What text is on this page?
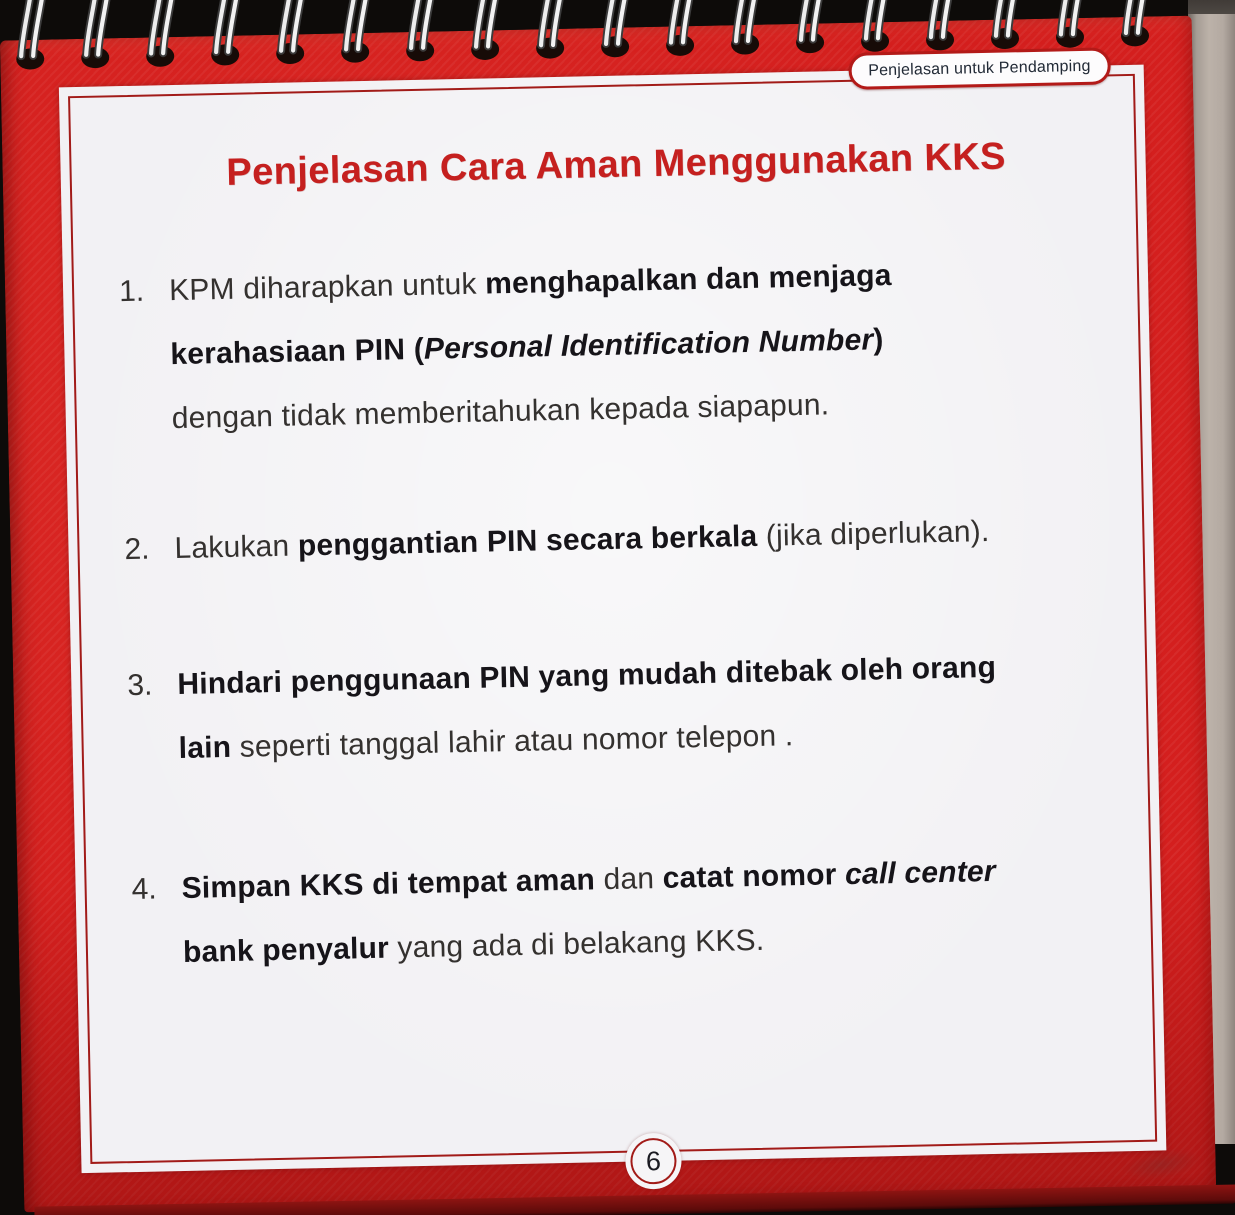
Penjelasan Cara Aman Menggunakan KKS
1. KPM diharapkan untuk menghapalkan dan menjaga
kerahasiaan PIN (Personal Identification Number)
dengan tidak memberitahukan kepada siapapun.
2. Lakukan penggantian PIN secara berkala (jika diperlukan).
3. Hindari penggunaan PIN yang mudah ditebak oleh orang
lain seperti tanggal lahir atau nomor telepon .
4. Simpan KKS di tempat aman dan catat nomor call center
bank penyalur yang ada di belakang KKS.
Penjelasan untuk Pendamping
6
